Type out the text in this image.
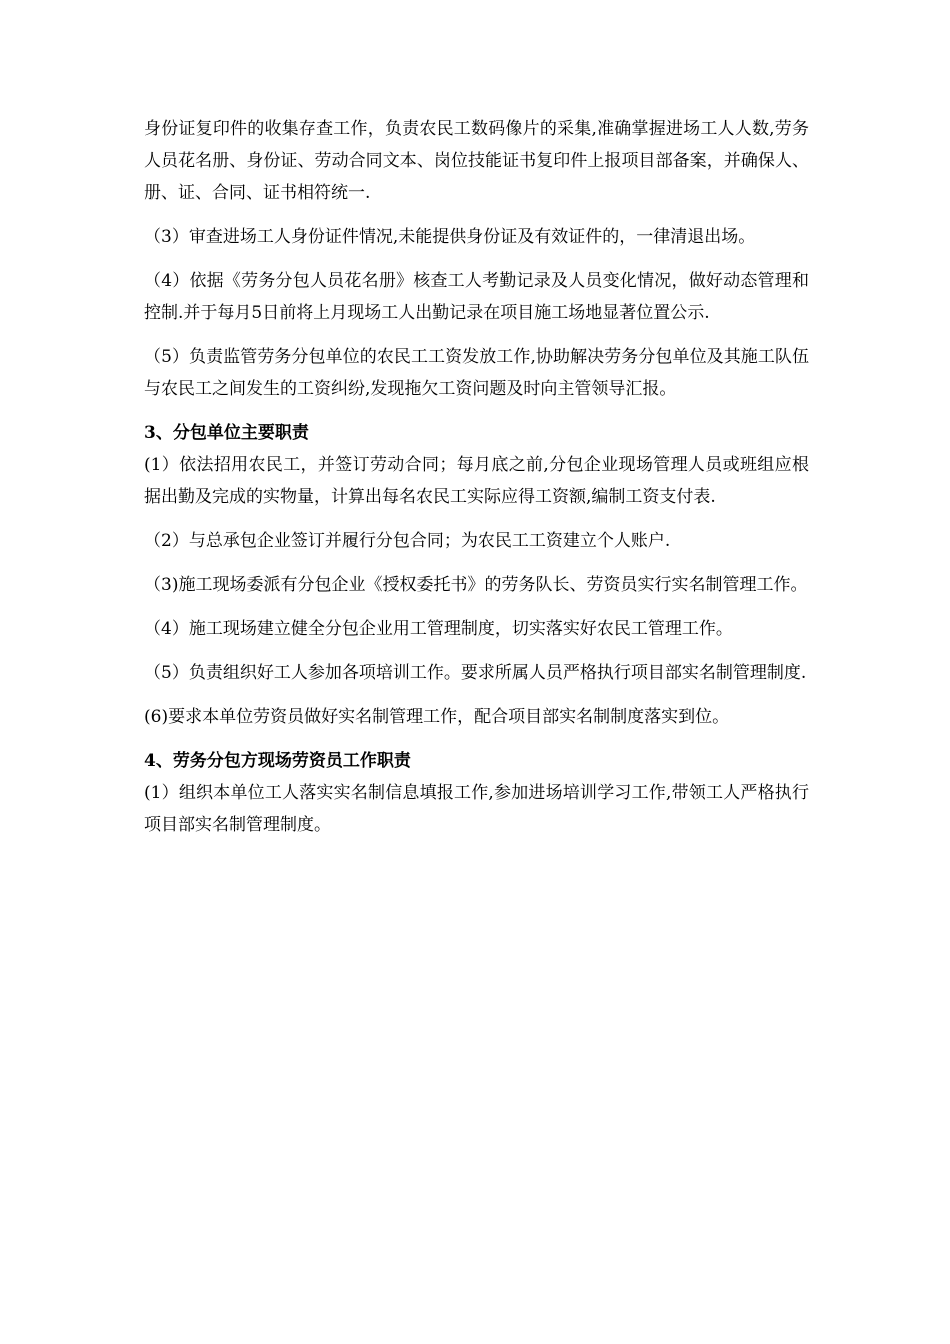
身份证复印件的收集存查工作，负责农民工数码像片的采集,准确掌握进场工人人数,劳务人员花名册、身份证、劳动合同文本、岗位技能证书复印件上报项目部备案，并确保人、册、证、合同、证书相符统一.

（3）审查进场工人身份证件情况,未能提供身份证及有效证件的，一律清退出场。

（4）依据《劳务分包人员花名册》核查工人考勤记录及人员变化情况，做好动态管理和控制.并于每月5日前将上月现场工人出勤记录在项目施工场地显著位置公示.

（5）负责监管劳务分包单位的农民工工资发放工作,协助解决劳务分包单位及其施工队伍与农民工之间发生的工资纠纷,发现拖欠工资问题及时向主管领导汇报。

3、分包单位主要职责

(1）依法招用农民工，并签订劳动合同；每月底之前,分包企业现场管理人员或班组应根据出勤及完成的实物量，计算出每名农民工实际应得工资额,编制工资支付表.

（2）与总承包企业签订并履行分包合同；为农民工工资建立个人账户.

（3)施工现场委派有分包企业《授权委托书》的劳务队长、劳资员实行实名制管理工作。

（4）施工现场建立健全分包企业用工管理制度，切实落实好农民工管理工作。

（5）负责组织好工人参加各项培训工作。要求所属人员严格执行项目部实名制管理制度.

(6)要求本单位劳资员做好实名制管理工作，配合项目部实名制制度落实到位。

4、劳务分包方现场劳资员工作职责

(1）组织本单位工人落实实名制信息填报工作,参加进场培训学习工作,带领工人严格执行项目部实名制管理制度。
